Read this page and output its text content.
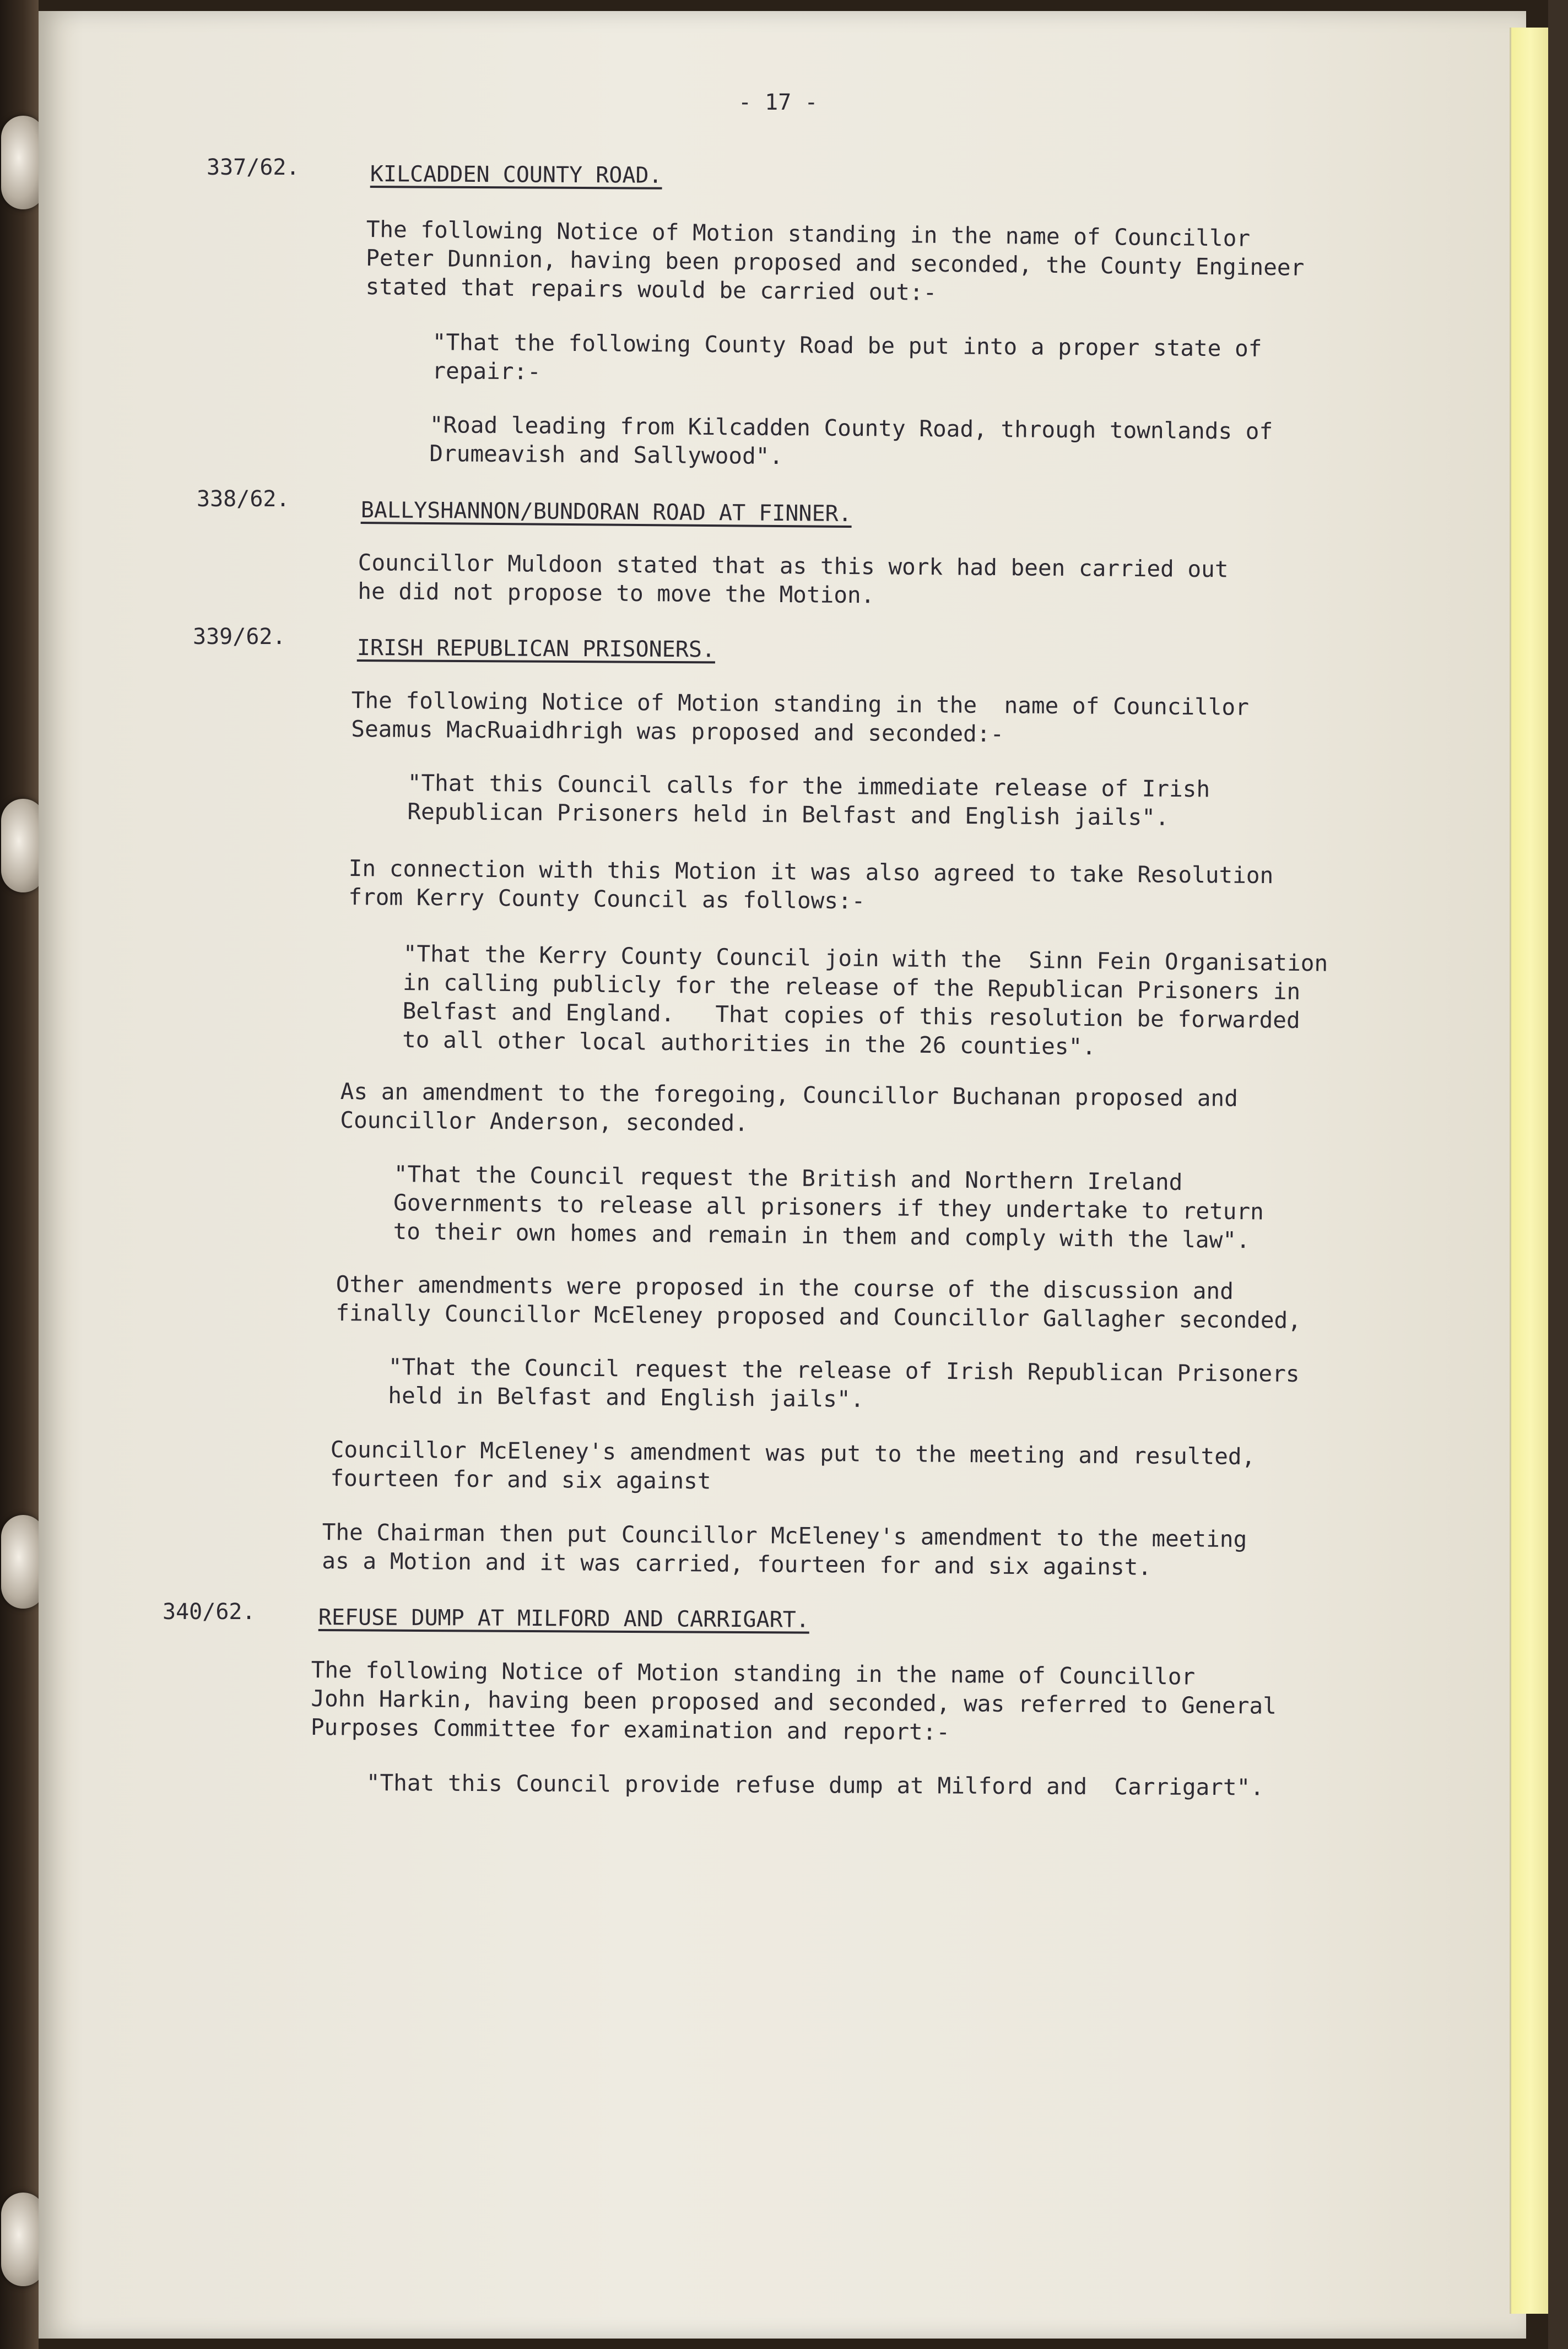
- 17 -
337/62.	KILCADDEN COUNTY ROAD.
The following Notice of Motion standing in the name of Councillor
Peter Dunnion, having been proposed and seconded, the County Engineer
stated that repairs would be carried out:-
"That the following County Road be put into a proper state of
repair:-
"Road leading from Kilcadden County Road, through townlands of
Drumeavish and Sallywood".
338/62.	BALLYSHANNON/BUNDORAN ROAD AT FINNER.
Councillor Muldoon stated that as this work had been carried out
he did not propose to move the Motion.
339/62.	IRISH REPUBLICAN PRISONERS.
The following Notice of Motion standing in the  name of Councillor
Seamus MacRuaidhrigh was proposed and seconded:-
"That this Council calls for the immediate release of Irish
Republican Prisoners held in Belfast and English jails".
In connection with this Motion it was also agreed to take Resolution
from Kerry County Council as follows:-
"That the Kerry County Council join with the  Sinn Fein Organisation
in calling publicly for the release of the Republican Prisoners in
Belfast and England.   That copies of this resolution be forwarded
to all other local authorities in the 26 counties".
As an amendment to the foregoing, Councillor Buchanan proposed and
Councillor Anderson, seconded.
"That the Council request the British and Northern Ireland
Governments to release all prisoners if they undertake to return
to their own homes and remain in them and comply with the law".
Other amendments were proposed in the course of the discussion and
finally Councillor McEleney proposed and Councillor Gallagher seconded,
"That the Council request the release of Irish Republican Prisoners
held in Belfast and English jails".
Councillor McEleney's amendment was put to the meeting and resulted,
fourteen for and six against
The Chairman then put Councillor McEleney's amendment to the meeting
as a Motion and it was carried, fourteen for and six against.
340/62.	REFUSE DUMP AT MILFORD AND CARRIGART.
The following Notice of Motion standing in the name of Councillor
John Harkin, having been proposed and seconded, was referred to General
Purposes Committee for examination and report:-
"That this Council provide refuse dump at Milford and  Carrigart".
